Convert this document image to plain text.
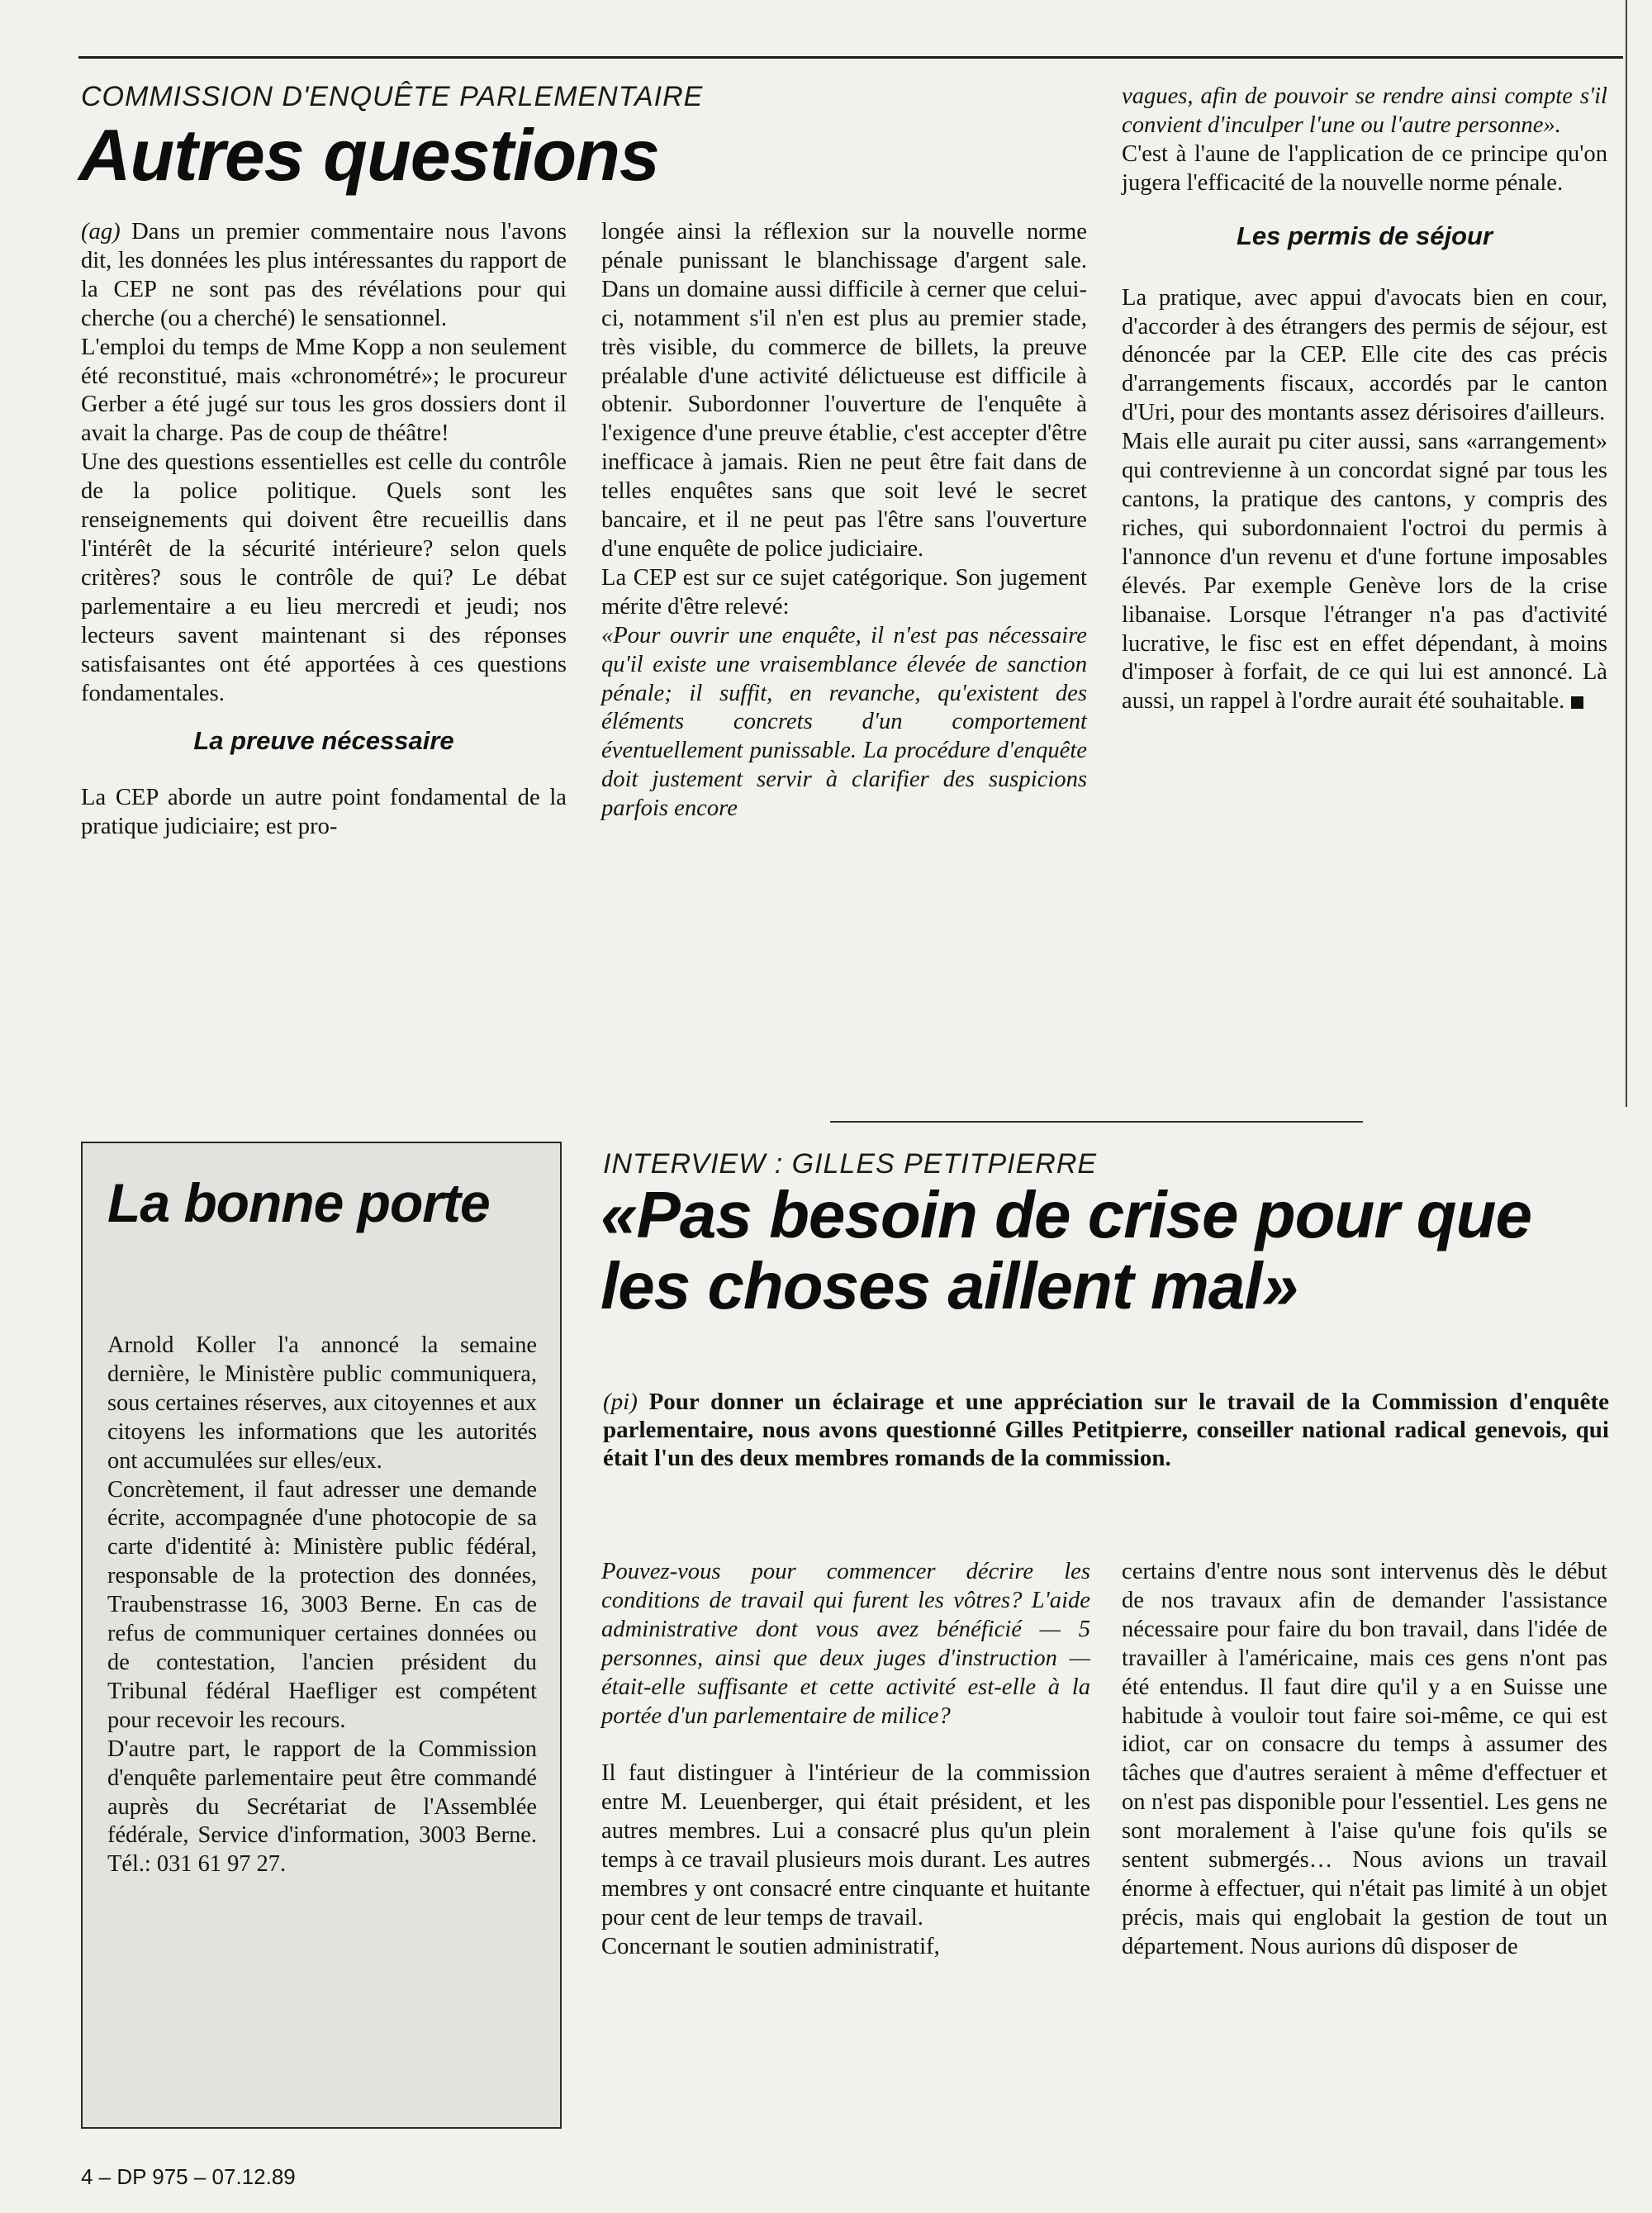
COMMISSION D'ENQUÊTE PARLEMENTAIRE
Autres questions

(ag) Dans un premier commentaire nous l'avons dit, les données les plus intéressantes du rapport de la CEP ne sont pas des révélations pour qui cherche (ou a cherché) le sensationnel.

L'emploi du temps de Mme Kopp a non seulement été reconstitué, mais «chronométré»; le procureur Gerber a été jugé sur tous les gros dossiers dont il avait la charge. Pas de coup de théâtre!

Une des questions essentielles est celle du contrôle de la police politique. Quels sont les renseignements qui doivent être recueillis dans l'intérêt de la sécurité intérieure? selon quels critères? sous le contrôle de qui? Le débat parlementaire a eu lieu mercredi et jeudi; nos lecteurs savent maintenant si des réponses satisfaisantes ont été apportées à ces questions fondamentales.

La preuve nécessaire

La CEP aborde un autre point fondamental de la pratique judiciaire; est pro-

longée ainsi la réflexion sur la nouvelle norme pénale punissant le blanchissage d'argent sale. Dans un domaine aussi difficile à cerner que celui-ci, notamment s'il n'en est plus au premier stade, très visible, du commerce de billets, la preuve préalable d'une activité délictueuse est difficile à obtenir. Subordonner l'ouverture de l'enquête à l'exigence d'une preuve établie, c'est accepter d'être inefficace à jamais. Rien ne peut être fait dans de telles enquêtes sans que soit levé le secret bancaire, et il ne peut pas l'être sans l'ouverture d'une enquête de police judiciaire.

La CEP est sur ce sujet catégorique. Son jugement mérite d'être relevé:

«Pour ouvrir une enquête, il n'est pas nécessaire qu'il existe une vraisemblance élevée de sanction pénale; il suffit, en revanche, qu'existent des éléments concrets d'un comportement éventuellement punissable. La procédure d'enquête doit justement servir à clarifier des suspicions parfois encore

vagues, afin de pouvoir se rendre ainsi compte s'il convient d'inculper l'une ou l'autre personne».

C'est à l'aune de l'application de ce principe qu'on jugera l'efficacité de la nouvelle norme pénale.

Les permis de séjour

La pratique, avec appui d'avocats bien en cour, d'accorder à des étrangers des permis de séjour, est dénoncée par la CEP. Elle cite des cas précis d'arrangements fiscaux, accordés par le canton d'Uri, pour des montants assez dérisoires d'ailleurs.

Mais elle aurait pu citer aussi, sans «arrangement» qui contrevienne à un concordat signé par tous les cantons, la pratique des cantons, y compris des riches, qui subordonnaient l'octroi du permis à l'annonce d'un revenu et d'une fortune imposables élevés. Par exemple Genève lors de la crise libanaise. Lorsque l'étranger n'a pas d'activité lucrative, le fisc est en effet dépendant, à moins d'imposer à forfait, de ce qui lui est annoncé. Là aussi, un rappel à l'ordre aurait été souhaitable.

La bonne porte

Arnold Koller l'a annoncé la semaine dernière, le Ministère public communiquera, sous certaines réserves, aux citoyennes et aux citoyens les informations que les autorités ont accumulées sur elles/eux.

Concrètement, il faut adresser une demande écrite, accompagnée d'une photocopie de sa carte d'identité à: Ministère public fédéral, responsable de la protection des données, Traubenstrasse 16, 3003 Berne. En cas de refus de communiquer certaines données ou de contestation, l'ancien président du Tribunal fédéral Haefliger est compétent pour recevoir les recours.

D'autre part, le rapport de la Commission d'enquête parlementaire peut être commandé auprès du Secrétariat de l'Assemblée fédérale, Service d'information, 3003 Berne. Tél.: 031 61 97 27.

INTERVIEW : GILLES PETITPIERRE
«Pas besoin de crise pour que les choses aillent mal»

(pi) Pour donner un éclairage et une appréciation sur le travail de la Commission d'enquête parlementaire, nous avons questionné Gilles Petitpierre, conseiller national radical genevois, qui était l'un des deux membres romands de la commission.

Pouvez-vous pour commencer décrire les conditions de travail qui furent les vôtres? L'aide administrative dont vous avez bénéficié — 5 personnes, ainsi que deux juges d'instruction — était-elle suffisante et cette activité est-elle à la portée d'un parlementaire de milice?

Il faut distinguer à l'intérieur de la commission entre M. Leuenberger, qui était président, et les autres membres. Lui a consacré plus qu'un plein temps à ce travail plusieurs mois durant. Les autres membres y ont consacré entre cinquante et huitante pour cent de leur temps de travail.

Concernant le soutien administratif,

certains d'entre nous sont intervenus dès le début de nos travaux afin de demander l'assistance nécessaire pour faire du bon travail, dans l'idée de travailler à l'américaine, mais ces gens n'ont pas été entendus. Il faut dire qu'il y a en Suisse une habitude à vouloir tout faire soi-même, ce qui est idiot, car on consacre du temps à assumer des tâches que d'autres seraient à même d'effectuer et on n'est pas disponible pour l'essentiel. Les gens ne sont moralement à l'aise qu'une fois qu'ils se sentent submergés… Nous avions un travail énorme à effectuer, qui n'était pas limité à un objet précis, mais qui englobait la gestion de tout un département. Nous aurions dû disposer de

4 – DP 975 – 07.12.89
